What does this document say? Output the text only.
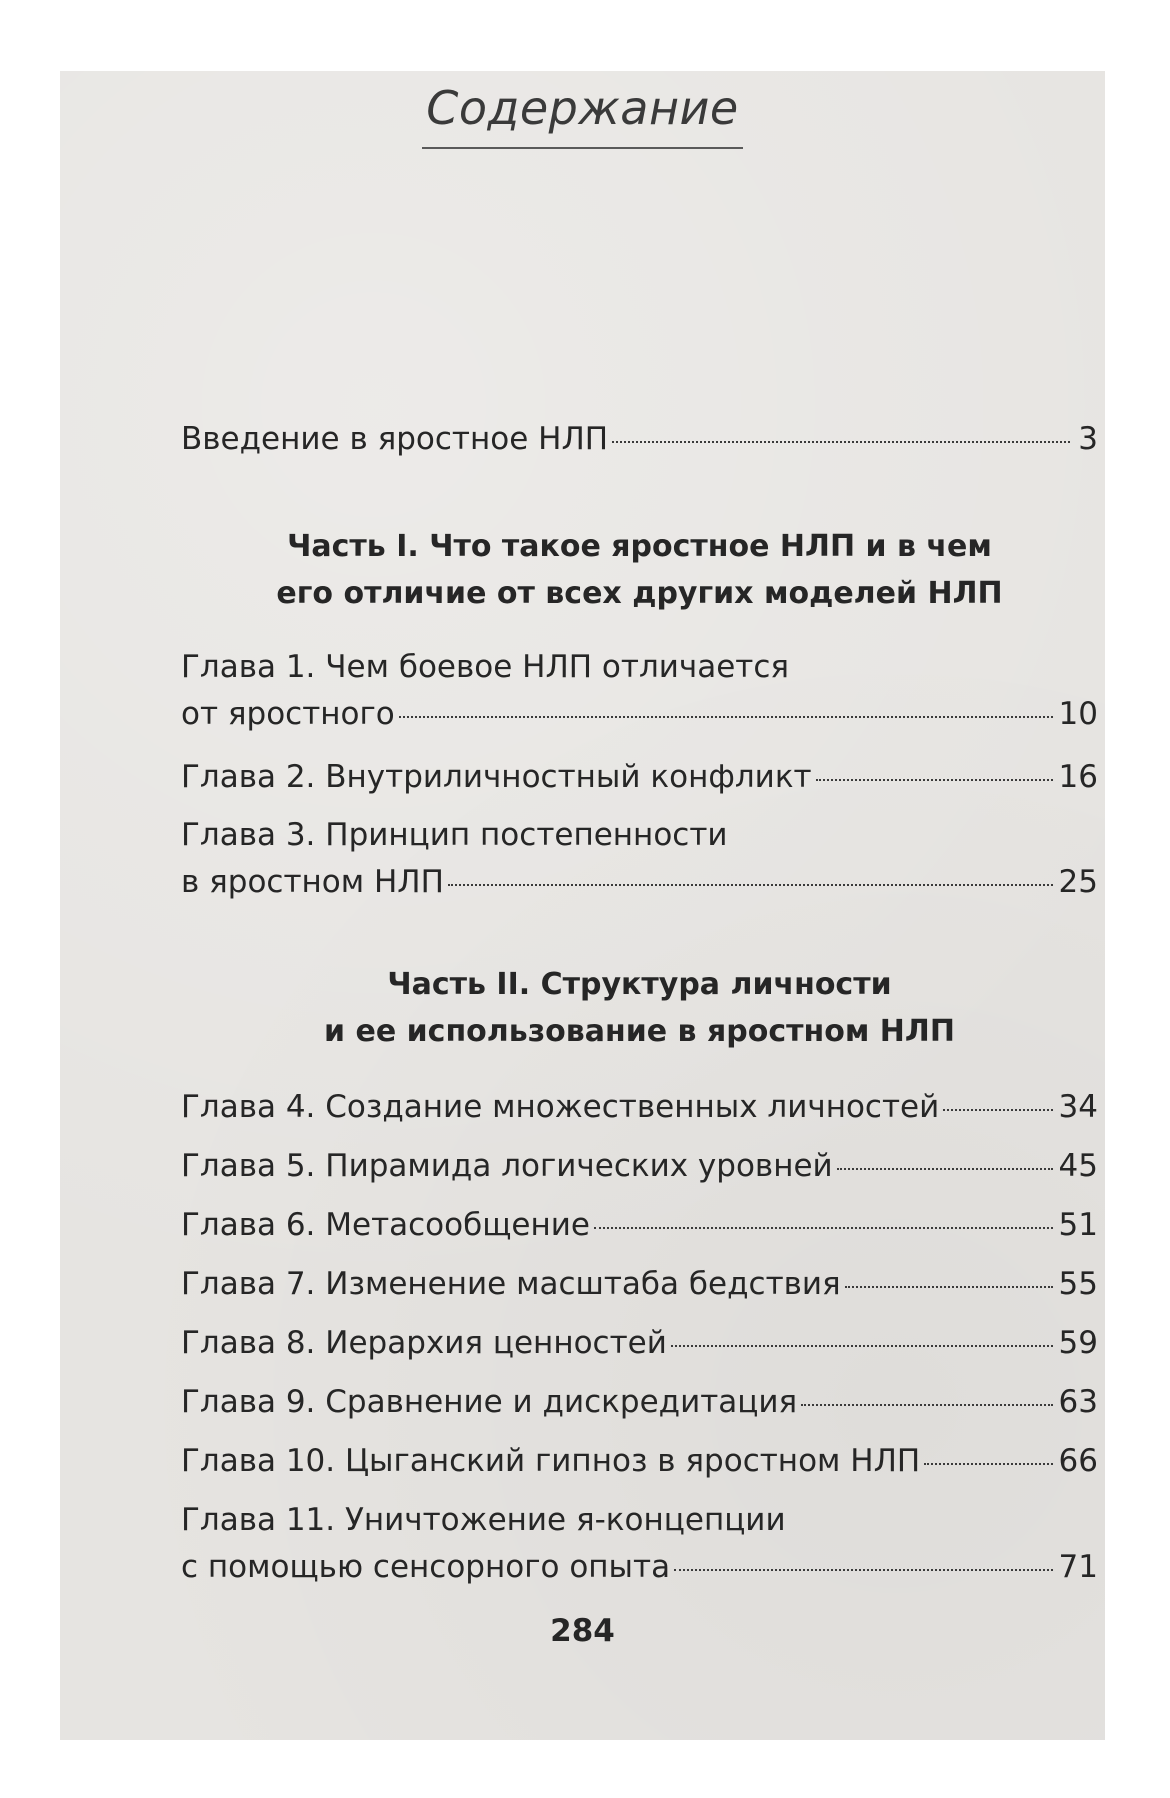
Содержание
Введение в яростное НЛП	3
Часть I. Что такое яростное НЛП и в чем
его отличие от всех других моделей НЛП
Глава 1. Чем боевое НЛП отличается
от яростного	10
Глава 2. Внутриличностный конфликт	16
Глава 3. Принцип постепенности
в яростном НЛП	25
Часть II. Структура личности
и ее использование в яростном НЛП
Глава 4. Создание множественных личностей	34
Глава 5. Пирамида логических уровней	45
Глава 6. Метасообщение	51
Глава 7. Изменение масштаба бедствия	55
Глава 8. Иерархия ценностей	59
Глава 9. Сравнение и дискредитация	63
Глава 10. Цыганский гипноз в яростном НЛП	66
Глава 11. Уничтожение я-концепции
с помощью сенсорного опыта	71
284
